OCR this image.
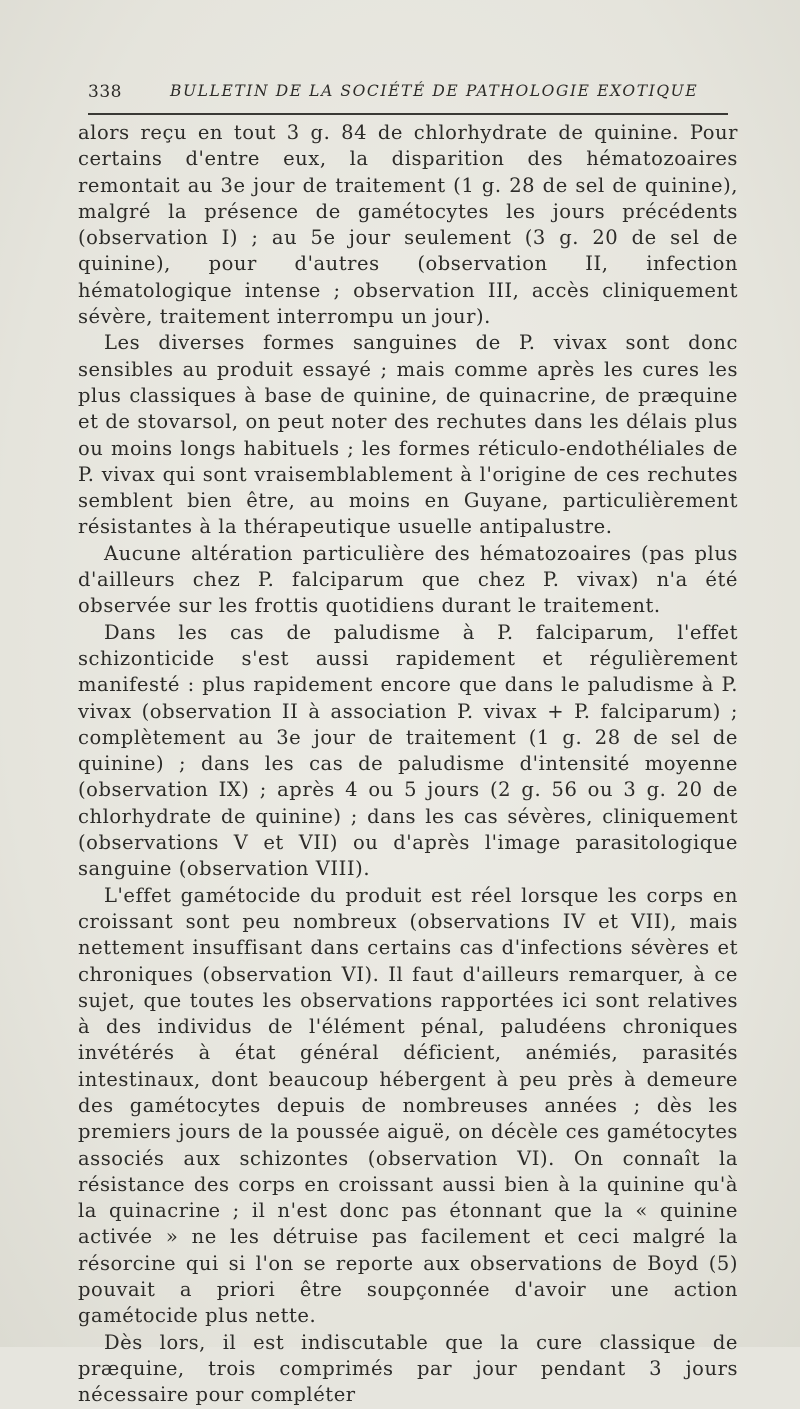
338	BULLETIN DE LA SOCIÉTÉ DE PATHOLOGIE EXOTIQUE

alors reçu en tout 3 g. 84 de chlorhydrate de quinine. Pour certains d'entre eux, la disparition des hématozoaires remontait au 3e jour de traitement (1 g. 28 de sel de quinine), malgré la présence de gamétocytes les jours précédents (observation I) ; au 5e jour seulement (3 g. 20 de sel de quinine), pour d'autres (observation II, infection hématologique intense ; observation III, accès cliniquement sévère, traitement interrompu un jour).

Les diverses formes sanguines de P. vivax sont donc sensibles au produit essayé ; mais comme après les cures les plus classiques à base de quinine, de quinacrine, de præquine et de stovarsol, on peut noter des rechutes dans les délais plus ou moins longs habituels ; les formes réticulo-endothéliales de P. vivax qui sont vraisemblablement à l'origine de ces rechutes semblent bien être, au moins en Guyane, particulièrement résistantes à la thérapeutique usuelle antipalustre.

Aucune altération particulière des hématozoaires (pas plus d'ailleurs chez P. falciparum que chez P. vivax) n'a été observée sur les frottis quotidiens durant le traitement.

Dans les cas de paludisme à P. falciparum, l'effet schizonticide s'est aussi rapidement et régulièrement manifesté : plus rapidement encore que dans le paludisme à P. vivax (observation II à association P. vivax + P. falciparum) ; complètement au 3e jour de traitement (1 g. 28 de sel de quinine) ; dans les cas de paludisme d'intensité moyenne (observation IX) ; après 4 ou 5 jours (2 g. 56 ou 3 g. 20 de chlorhydrate de quinine) ; dans les cas sévères, cliniquement (observations V et VII) ou d'après l'image parasitologique sanguine (observation VIII).

L'effet gamétocide du produit est réel lorsque les corps en croissant sont peu nombreux (observations IV et VII), mais nettement insuffisant dans certains cas d'infections sévères et chroniques (observation VI). Il faut d'ailleurs remarquer, à ce sujet, que toutes les observations rapportées ici sont relatives à des individus de l'élément pénal, paludéens chroniques invétérés à état général déficient, anémiés, parasités intestinaux, dont beaucoup hébergent à peu près à demeure des gamétocytes depuis de nombreuses années ; dès les premiers jours de la poussée aiguë, on décèle ces gamétocytes associés aux schizontes (observation VI). On connaît la résistance des corps en croissant aussi bien à la quinine qu'à la quinacrine ; il n'est donc pas étonnant que la « quinine activée » ne les détruise pas facilement et ceci malgré la résorcine qui si l'on se reporte aux observations de Boyd (5) pouvait a priori être soupçonnée d'avoir une action gamétocide plus nette.

Dès lors, il est indiscutable que la cure classique de præquine, trois comprimés par jour pendant 3 jours nécessaire pour compléter
